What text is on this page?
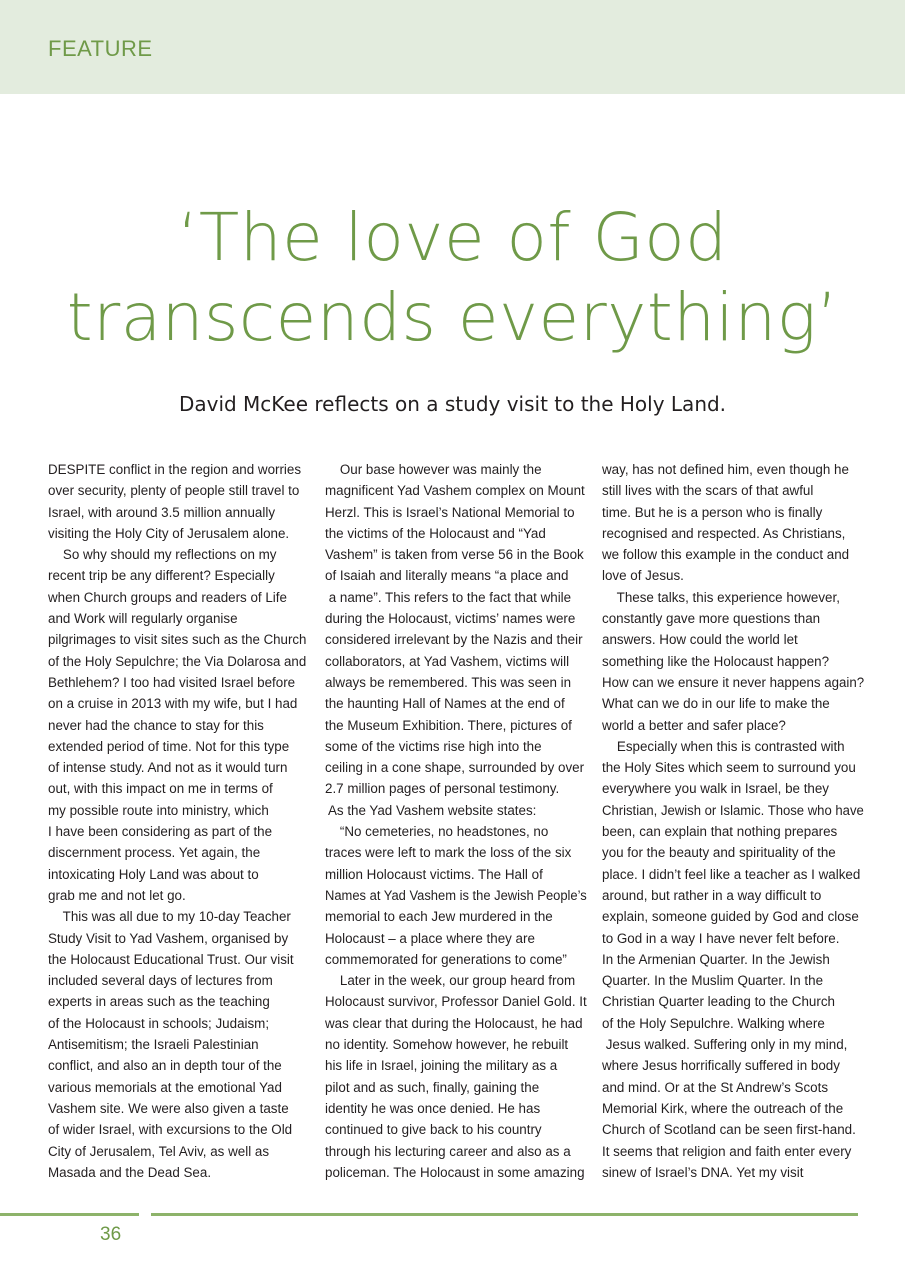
FEATURE
‘The love of God
transcends everything’
David McKee reflects on a study visit to the Holy Land.
DESPITE conflict in the region and worries
over security, plenty of people still travel to
Israel, with around 3.5 million annually
visiting the Holy City of Jerusalem alone.
So why should my reflections on my
recent trip be any different? Especially
when Church groups and readers of Life
and Work will regularly organise
pilgrimages to visit sites such as the Church
of the Holy Sepulchre; the Via Dolarosa and
Bethlehem? I too had visited Israel before
on a cruise in 2013 with my wife, but I had
never had the chance to stay for this
extended period of time. Not for this type
of intense study. And not as it would turn
out, with this impact on me in terms of
my possible route into ministry, which
I have been considering as part of the
discernment process. Yet again, the
intoxicating Holy Land was about to
grab me and not let go.
This was all due to my 10-day Teacher
Study Visit to Yad Vashem, organised by
the Holocaust Educational Trust. Our visit
included several days of lectures from
experts in areas such as the teaching
of the Holocaust in schools; Judaism;
Antisemitism; the Israeli Palestinian
conflict, and also an in depth tour of the
various memorials at the emotional Yad
Vashem site. We were also given a taste
of wider Israel, with excursions to the Old
City of Jerusalem, Tel Aviv, as well as
Masada and the Dead Sea.
Our base however was mainly the
magnificent Yad Vashem complex on Mount
Herzl. This is Israel’s National Memorial to
the victims of the Holocaust and “Yad
Vashem” is taken from verse 56 in the Book
of Isaiah and literally means “a place and
a name”. This refers to the fact that while
during the Holocaust, victims’ names were
considered irrelevant by the Nazis and their
collaborators, at Yad Vashem, victims will
always be remembered. This was seen in
the haunting Hall of Names at the end of
the Museum Exhibition. There, pictures of
some of the victims rise high into the
ceiling in a cone shape, surrounded by over
2.7 million pages of personal testimony.
As the Yad Vashem website states:
“No cemeteries, no headstones, no
traces were left to mark the loss of the six
million Holocaust victims. The Hall of
Names at Yad Vashem is the Jewish People’s
memorial to each Jew murdered in the
Holocaust – a place where they are
commemorated for generations to come”
Later in the week, our group heard from
Holocaust survivor, Professor Daniel Gold. It
was clear that during the Holocaust, he had
no identity. Somehow however, he rebuilt
his life in Israel, joining the military as a
pilot and as such, finally, gaining the
identity he was once denied. He has
continued to give back to his country
through his lecturing career and also as a
policeman. The Holocaust in some amazing
way, has not defined him, even though he
still lives with the scars of that awful
time. But he is a person who is finally
recognised and respected. As Christians,
we follow this example in the conduct and
love of Jesus.
These talks, this experience however,
constantly gave more questions than
answers. How could the world let
something like the Holocaust happen?
How can we ensure it never happens again?
What can we do in our life to make the
world a better and safer place?
Especially when this is contrasted with
the Holy Sites which seem to surround you
everywhere you walk in Israel, be they
Christian, Jewish or Islamic. Those who have
been, can explain that nothing prepares
you for the beauty and spirituality of the
place. I didn’t feel like a teacher as I walked
around, but rather in a way difficult to
explain, someone guided by God and close
to God in a way I have never felt before.
In the Armenian Quarter. In the Jewish
Quarter. In the Muslim Quarter. In the
Christian Quarter leading to the Church
of the Holy Sepulchre. Walking where
Jesus walked. Suffering only in my mind,
where Jesus horrifically suffered in body
and mind. Or at the St Andrew’s Scots
Memorial Kirk, where the outreach of the
Church of Scotland can be seen first-hand.
It seems that religion and faith enter every
sinew of Israel’s DNA. Yet my visit
36
